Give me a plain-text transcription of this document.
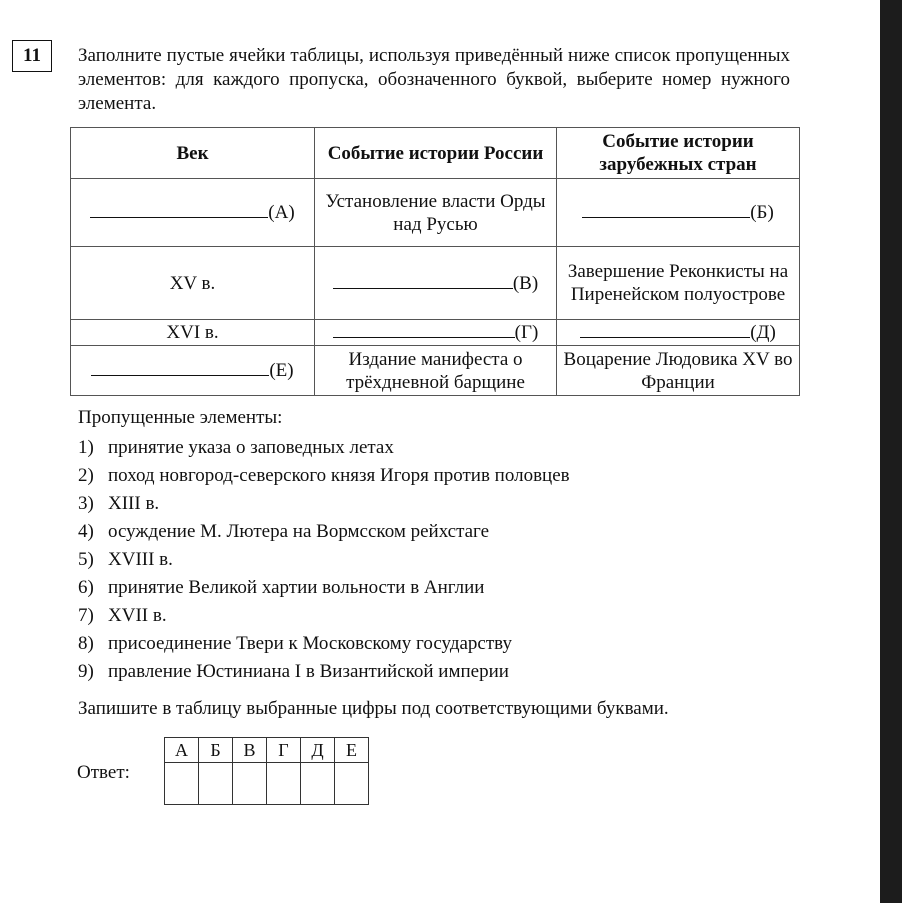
11	Заполните пустые ячейки таблицы, используя приведённый ниже список пропущенных элементов: для каждого пропуска, обозначенного буквой, выберите номер нужного элемента.
Век	Событие истории России	Событие истории зарубежных стран
(А)	Установление власти Орды над Русью	(Б)
XV в.	(В)	Завершение Реконкисты на Пиренейском полуострове
XVI в.	(Г)	(Д)
(Е)	Издание манифеста о трёхдневной барщине	Воцарение Людовика XV во Франции
Пропущенные элементы:
1) принятие указа о заповедных летах
2) поход новгород-северского князя Игоря против половцев
3) XIII в.
4) осуждение М. Лютера на Вормсском рейхстаге
5) XVIII в.
6) принятие Великой хартии вольности в Англии
7) XVII в.
8) присоединение Твери к Московскому государству
9) правление Юстиниана I в Византийской империи
Запишите в таблицу выбранные цифры под соответствующими буквами.
Ответ:
А	Б	В	Г	Д	Е
